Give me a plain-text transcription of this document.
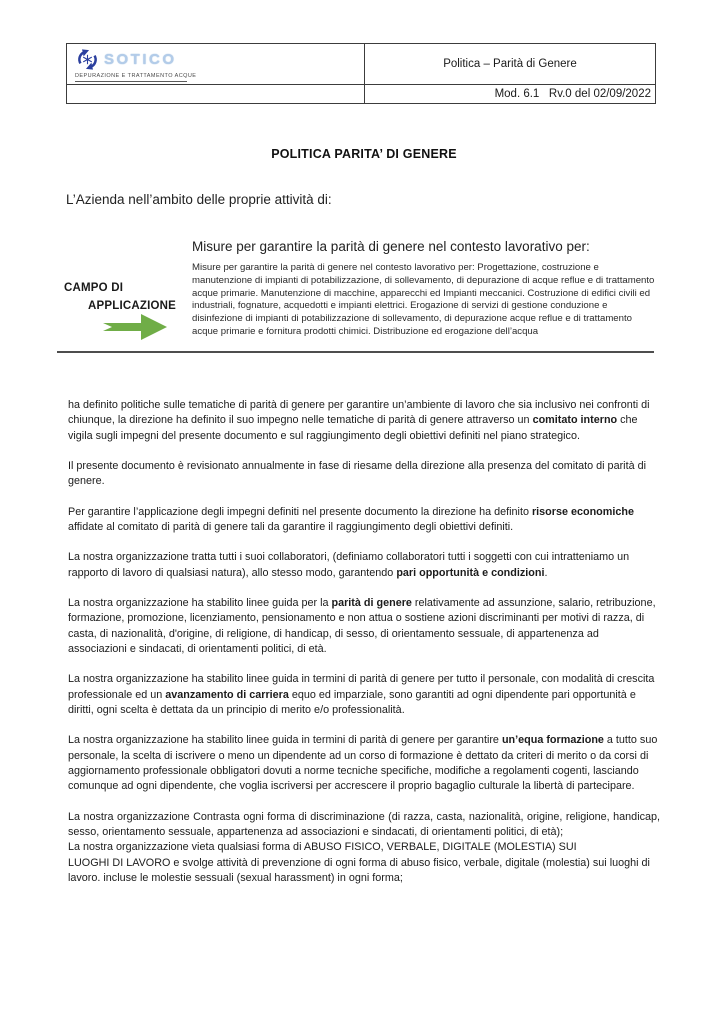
SOTICO
DEPURAZIONE E TRATTAMENTO ACQUE
Politica – Parità di Genere
Mod. 6.1   Rv.0 del 02/09/2022
POLITICA PARITA’ DI GENERE
L’Azienda nell’ambito delle proprie attività di:
CAMPO DI
APPLICAZIONE

Misure per garantire la parità di genere nel contesto lavorativo per:

Misure per garantire la parità di genere nel contesto lavorativo per: Progettazione, costruzione e manutenzione di impianti di potabilizzazione, di sollevamento, di depurazione di acque reflue e di trattamento acque primarie. Manutenzione di macchine, apparecchi ed Impianti meccanici. Costruzione di edifici civili ed industriali, fognature, acquedotti e impianti elettrici. Erogazione di servizi di gestione conduzione e disinfezione di impianti di potabilizzazione di sollevamento, di depurazione acque reflue e di trattamento acque primarie e fornitura prodotti chimici. Distribuzione ed erogazione dell’acqua

ha definito politiche sulle tematiche di parità di genere per garantire un’ambiente di lavoro che sia inclusivo nei confronti di chiunque, la direzione ha definito il suo impegno nelle tematiche di parità di genere attraverso un comitato interno che vigila sugli impegni del presente documento e sul raggiungimento degli obiettivi definiti nel piano strategico.

Il presente documento è revisionato annualmente in fase di riesame della direzione alla presenza del comitato di parità di genere.

Per garantire l’applicazione degli impegni definiti nel presente documento la direzione ha definito risorse economiche affidate al comitato di parità di genere tali da garantire il raggiungimento degli obiettivi definiti.

La nostra organizzazione tratta tutti i suoi collaboratori, (definiamo collaboratori tutti i soggetti con cui intratteniamo un rapporto di lavoro di qualsiasi natura), allo stesso modo, garantendo pari opportunità e condizioni.

La nostra organizzazione ha stabilito linee guida per la parità di genere relativamente ad assunzione, salario, retribuzione, formazione, promozione, licenziamento, pensionamento e non attua o sostiene azioni discriminanti per motivi di razza, di casta, di nazionalità, d'origine, di religione, di handicap, di sesso, di orientamento sessuale, di appartenenza ad associazioni e sindacati, di orientamenti politici, di età.

La nostra organizzazione ha stabilito linee guida in termini di parità di genere per tutto il personale, con modalità di crescita professionale ed un avanzamento di carriera equo ed imparziale, sono garantiti ad ogni dipendente pari opportunità e diritti, ogni scelta è dettata da un principio di merito e/o professionalità.

La nostra organizzazione ha stabilito linee guida in termini di parità di genere per garantire un’equa formazione a tutto suo personale, la scelta di iscrivere o meno un dipendente ad un corso di formazione è dettato da criteri di merito o da corsi di aggiornamento professionale obbligatori dovuti a norme tecniche specifiche, modifiche a regolamenti cogenti, lasciando comunque ad ogni dipendente, che voglia iscriversi per accrescere il proprio bagaglio culturale la libertà di partecipare.

La nostra organizzazione Contrasta ogni forma di discriminazione (di razza, casta, nazionalità, origine, religione, handicap, sesso, orientamento sessuale, appartenenza ad associazioni e sindacati, di orientamenti politici, di età);

La nostra organizzazione vieta qualsiasi forma di ABUSO FISICO, VERBALE, DIGITALE (MOLESTIA) SUI
LUOGHI DI LAVORO e svolge attività di prevenzione di ogni forma di abuso fisico, verbale, digitale (molestia) sui luoghi di lavoro. incluse le molestie sessuali (sexual harassment) in ogni forma;
